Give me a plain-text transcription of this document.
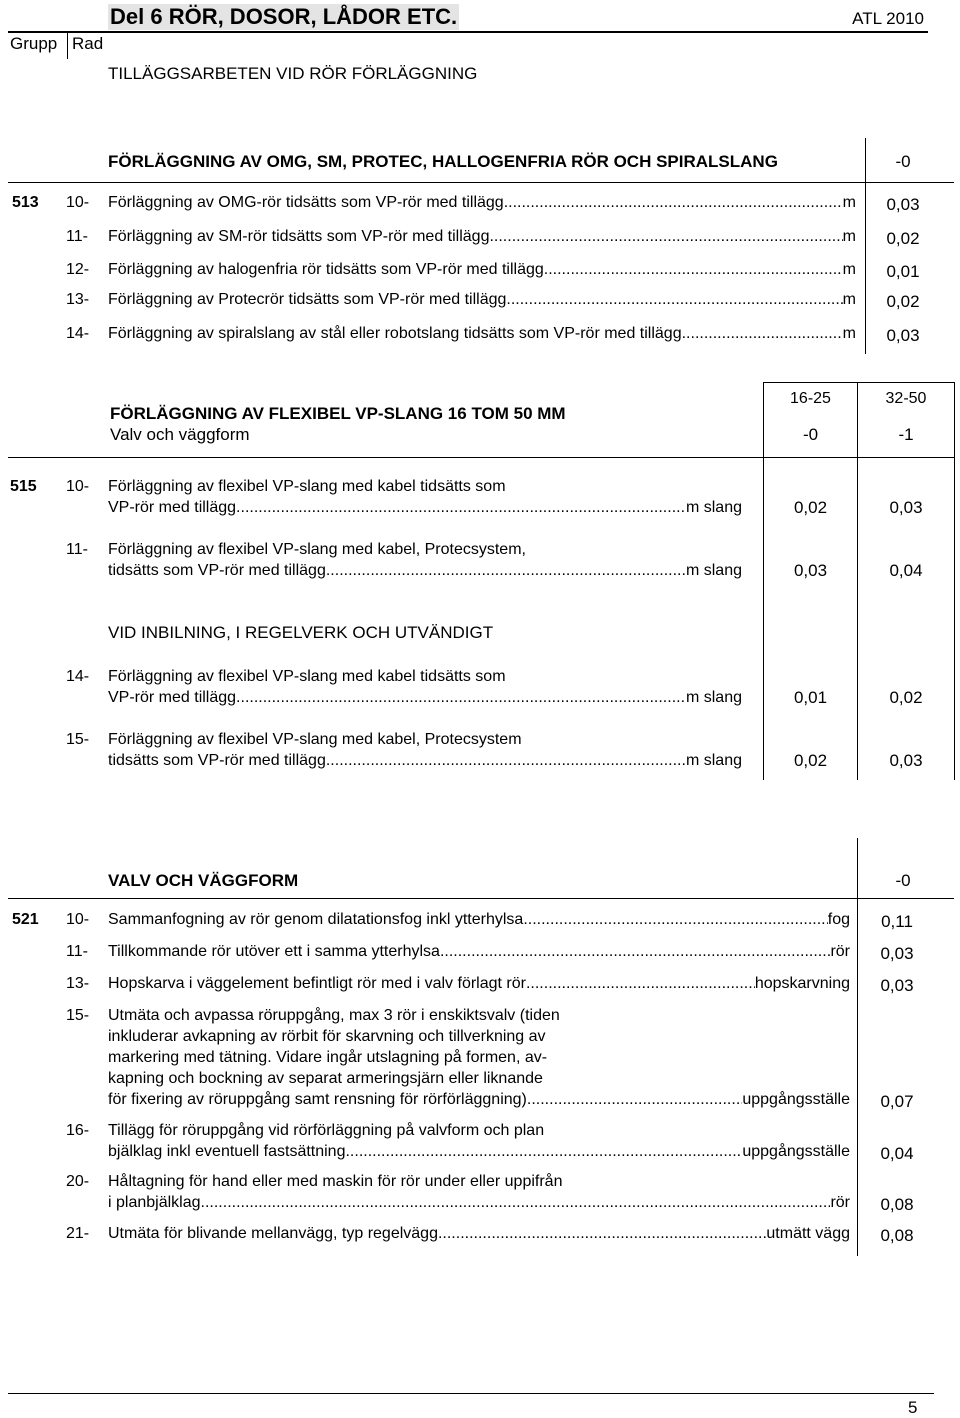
Del 6 RÖR, DOSOR, LÅDOR ETC.	ATL 2010
Grupp Rad
TILLÄGGSARBETEN VID RÖR FÖRLÄGGNING
FÖRLÄGGNING AV OMG, SM, PROTEC, HALLOGENFRIA RÖR OCH SPIRALSLANG	-0
513 10- Förläggning av OMG-rör tidsätts som VP-rör med tillägg .....	m	0,03
11- Förläggning av SM-rör tidsätts som VP-rör med tillägg .....	m	0,02
12- Förläggning av halogenfria rör tidsätts som VP-rör med tillägg .....	m	0,01
13- Förläggning av Protecrör tidsätts som VP-rör med tillägg .....	m	0,02
14- Förläggning av spiralslang av stål eller robotslang tidsätts som VP-rör med tillägg .....	m	0,03
16-25	32-50
FÖRLÄGGNING AV FLEXIBEL VP-SLANG 16 TOM 50 MM
Valv och väggform	-0	-1
515
VID INBILNING, I REGELVERK OCH UTVÄNDIGT
10- Förläggning av flexibel VP-slang med kabel tidsätts som
VP-rör med tillägg .....	m slang	0,02	0,03
11- Förläggning av flexibel VP-slang med kabel, Protecsystem,
tidsätts som VP-rör med tillägg .....	m slang	0,03	0,04
14- Förläggning av flexibel VP-slang med kabel tidsätts som
VP-rör med tillägg .....	m slang	0,01	0,02
15- Förläggning av flexibel VP-slang med kabel, Protecsystem
tidsätts som VP-rör med tillägg .....	m slang	0,02	0,03
VALV OCH VÄGGFORM	-0
521 10- Sammanfogning av rör genom dilatationsfog inkl ytterhylsa .....	fog	0,11
11- Tillkommande rör utöver ett i samma ytterhylsa .....	rör	0,03
13- Hopskarva i väggelement befintligt rör med i valv förlagt rör .....	hopskarvning	0,03
15- Utmäta och avpassa röruppgång, max 3 rör i enskiktsvalv (tiden
inkluderar avkapning av rörbit för skarvning och tillverkning av
markering med tätning. Vidare ingår utslagning på formen, av-
kapning och bockning av separat armeringsjärn eller liknande
för fixering av röruppgång samt rensning för rörförläggning) .....	uppgångsställe	0,07
16- Tillägg för röruppgång vid rörförläggning på valvform och plan
bjälklag inkl eventuell fastsättning .....	uppgångsställe	0,04
20- Håltagning för hand eller med maskin för rör under eller uppifrån
i planbjälklag .....	rör	0,08
21- Utmäta för blivande mellanvägg, typ regelvägg .....	utmätt vägg	0,08
5
